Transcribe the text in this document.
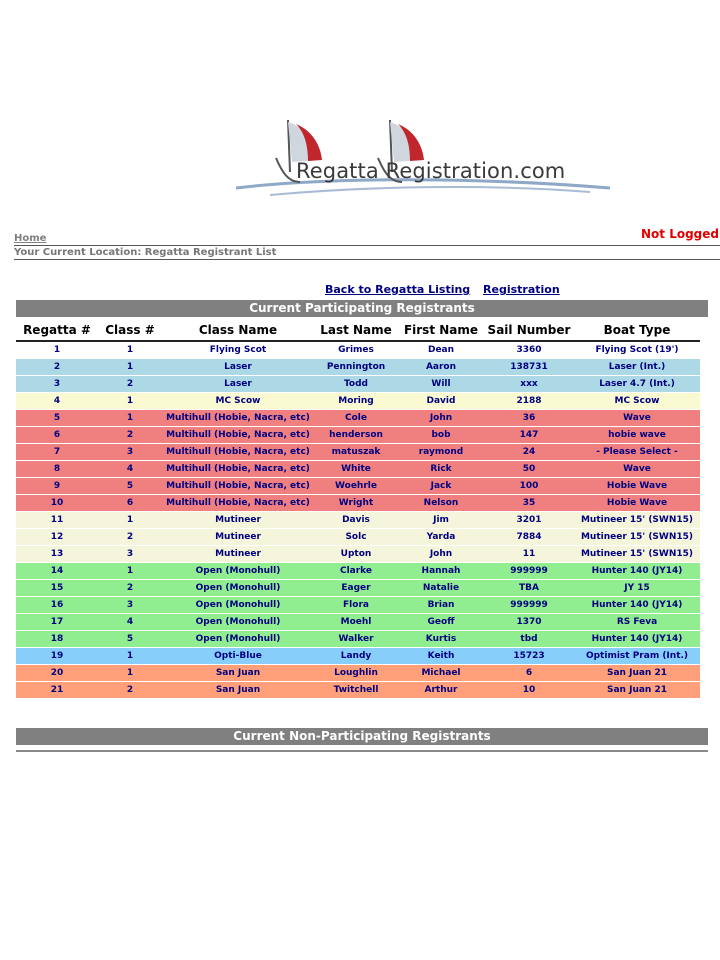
Regatta Registration.com
Not Logged
Home
Your Current Location: Regatta Registrant List
Back to Regatta Listing Registration
Current Participating Registrants
Regatta #	Class #	Class Name	Last Name	First Name	Sail Number	Boat Type
1	1	Flying Scot	Grimes	Dean	3360	Flying Scot (19')
2	1	Laser	Pennington	Aaron	138731	Laser (Int.)
3	2	Laser	Todd	Will	xxx	Laser 4.7 (Int.)
4	1	MC Scow	Moring	David	2188	MC Scow
5	1	Multihull (Hobie, Nacra, etc)	Cole	John	36	Wave
6	2	Multihull (Hobie, Nacra, etc)	henderson	bob	147	hobie wave
7	3	Multihull (Hobie, Nacra, etc)	matuszak	raymond	24	- Please Select -
8	4	Multihull (Hobie, Nacra, etc)	White	Rick	50	Wave
9	5	Multihull (Hobie, Nacra, etc)	Woehrle	Jack	100	Hobie Wave
10	6	Multihull (Hobie, Nacra, etc)	Wright	Nelson	35	Hobie Wave
11	1	Mutineer	Davis	Jim	3201	Mutineer 15' (SWN15)
12	2	Mutineer	Solc	Yarda	7884	Mutineer 15' (SWN15)
13	3	Mutineer	Upton	John	11	Mutineer 15' (SWN15)
14	1	Open (Monohull)	Clarke	Hannah	999999	Hunter 140 (JY14)
15	2	Open (Monohull)	Eager	Natalie	TBA	JY 15
16	3	Open (Monohull)	Flora	Brian	999999	Hunter 140 (JY14)
17	4	Open (Monohull)	Moehl	Geoff	1370	RS Feva
18	5	Open (Monohull)	Walker	Kurtis	tbd	Hunter 140 (JY14)
19	1	Opti-Blue	Landy	Keith	15723	Optimist Pram (Int.)
20	1	San Juan	Loughlin	Michael	6	San Juan 21
21	2	San Juan	Twitchell	Arthur	10	San Juan 21
Current Non-Participating Registrants
